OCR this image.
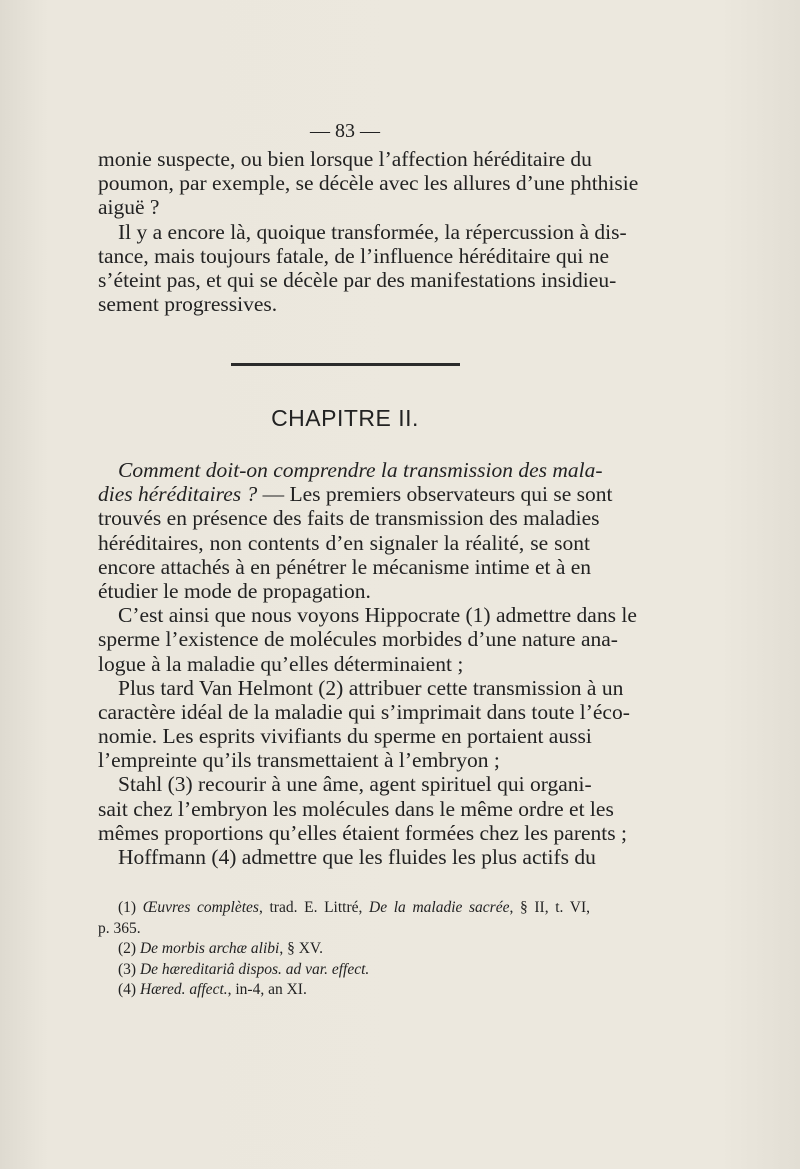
— 83 —
monie suspecte, ou bien lorsque l’affection héréditaire du
poumon, par exemple, se décèle avec les allures d’une phthisie
aiguë ?
Il y a encore là, quoique transformée, la répercussion à dis-
tance, mais toujours fatale, de l’influence héréditaire qui ne
s’éteint pas, et qui se décèle par des manifestations insidieu-
sement progressives.
CHAPITRE II.
Comment doit-on comprendre la transmission des mala-
dies héréditaires ? — Les premiers observateurs qui se sont
trouvés en présence des faits de transmission des maladies
héréditaires, non contents d’en signaler la réalité, se sont
encore attachés à en pénétrer le mécanisme intime et à en
étudier le mode de propagation.
C’est ainsi que nous voyons Hippocrate (1) admettre dans le
sperme l’existence de molécules morbides d’une nature ana-
logue à la maladie qu’elles déterminaient ;
Plus tard Van Helmont (2) attribuer cette transmission à un
caractère idéal de la maladie qui s’imprimait dans toute l’éco-
nomie. Les esprits vivifiants du sperme en portaient aussi
l’empreinte qu’ils transmettaient à l’embryon ;
Stahl (3) recourir à une âme, agent spirituel qui organi-
sait chez l’embryon les molécules dans le même ordre et les
mêmes proportions qu’elles étaient formées chez les parents ;
Hoffmann (4) admettre que les fluides les plus actifs du
(1) Œuvres complètes, trad. E. Littré, De la maladie sacrée, § II, t. VI,
p. 365.
(2) De morbis archæ alibi, § XV.
(3) De hæreditariâ dispos. ad var. effect.
(4) Hæred. affect., in-4, an XI.
